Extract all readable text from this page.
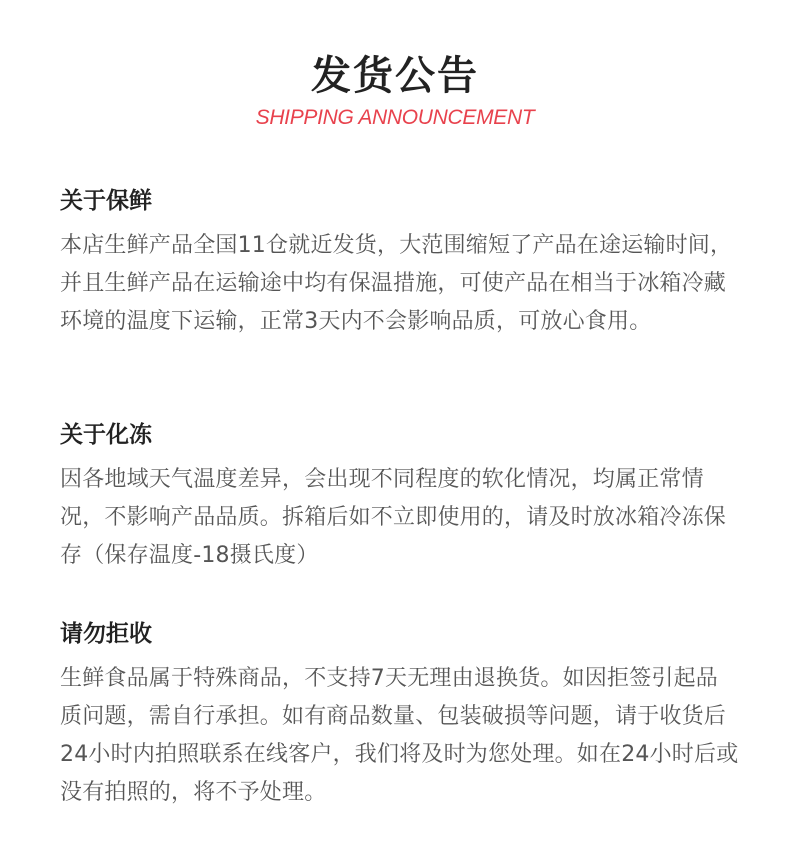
发货公告
SHIPPING ANNOUNCEMENT
关于保鲜
本店生鲜产品全国11仓就近发货，大范围缩短了产品在途运输时间，并且生鲜产品在运输途中均有保温措施，可使产品在相当于冰箱冷藏环境的温度下运输，正常3天内不会影响品质，可放心食用。
关于化冻
因各地域天气温度差异，会出现不同程度的软化情况，均属正常情况，不影响产品品质。拆箱后如不立即使用的，请及时放冰箱冷冻保存（保存温度-18摄氏度）
请勿拒收
生鲜食品属于特殊商品，不支持7天无理由退换货。如因拒签引起品质问题，需自行承担。如有商品数量、包装破损等问题，请于收货后24小时内拍照联系在线客户，我们将及时为您处理。如在24小时后或没有拍照的，将不予处理。
